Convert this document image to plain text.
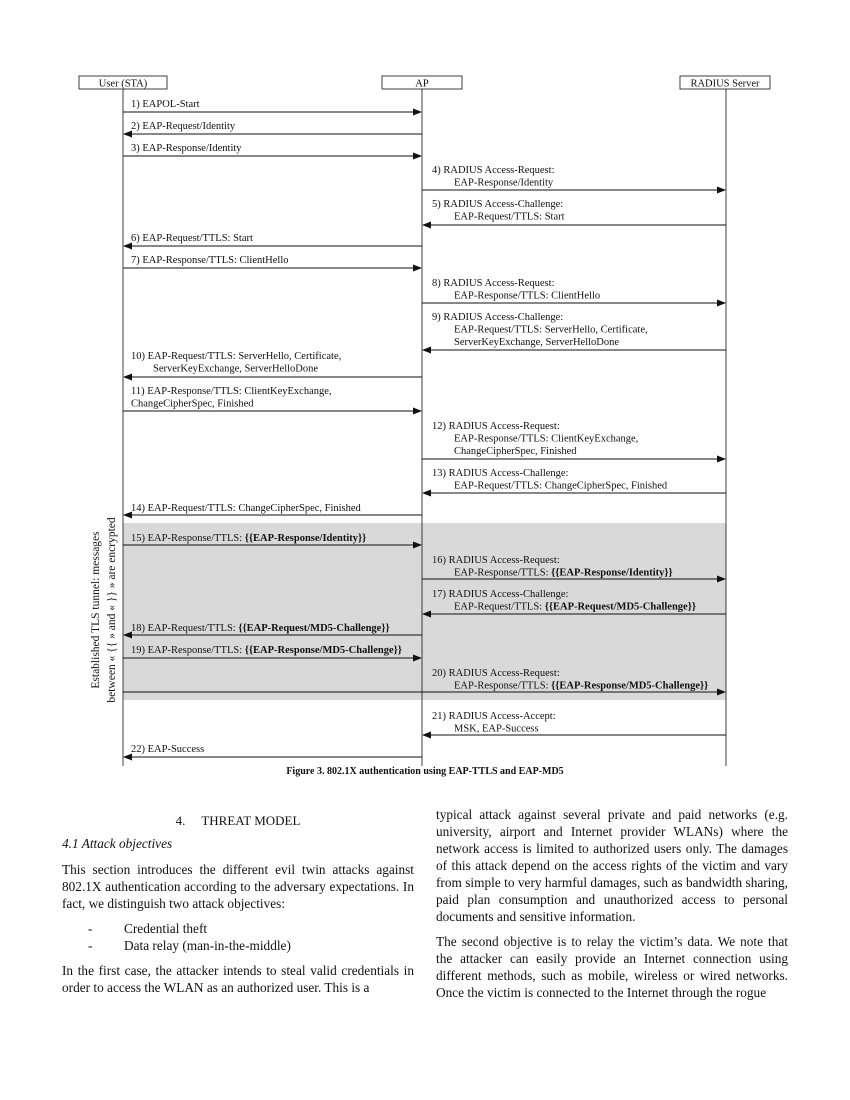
User (STA)	AP	RADIUS Server
1) EAPOL-Start
2) EAP-Request/Identity
3) EAP-Response/Identity
4) RADIUS Access-Request:
EAP-Response/Identity
5) RADIUS Access-Challenge:
EAP-Request/TTLS: Start
6) EAP-Request/TTLS: Start
7) EAP-Response/TTLS: ClientHello
8) RADIUS Access-Request:
EAP-Response/TTLS: ClientHello
9) RADIUS Access-Challenge:
EAP-Request/TTLS: ServerHello, Certificate,
ServerKeyExchange, ServerHelloDone
10) EAP-Request/TTLS: ServerHello, Certificate,
ServerKeyExchange, ServerHelloDone
11) EAP-Response/TTLS: ClientKeyExchange,
ChangeCipherSpec, Finished
12) RADIUS Access-Request:
EAP-Response/TTLS: ClientKeyExchange,
ChangeCipherSpec, Finished
13) RADIUS Access-Challenge:
EAP-Request/TTLS: ChangeCipherSpec, Finished
14) EAP-Request/TTLS: ChangeCipherSpec, Finished
15) EAP-Response/TTLS: {{EAP-Response/Identity}}
16) RADIUS Access-Request:
EAP-Response/TTLS: {{EAP-Response/Identity}}
17) RADIUS Access-Challenge:
EAP-Request/TTLS: {{EAP-Request/MD5-Challenge}}
18) EAP-Request/TTLS: {{EAP-Request/MD5-Challenge}}
19) EAP-Response/TTLS: {{EAP-Response/MD5-Challenge}}
20) RADIUS Access-Request:
EAP-Response/TTLS: {{EAP-Response/MD5-Challenge}}
21) RADIUS Access-Accept:
MSK, EAP-Success
22) EAP-Success
Established TLS tunnel: messages between « {{ » and « }} » are encrypted
Figure 3. 802.1X authentication using EAP-TTLS and EAP-MD5
4. THREAT MODEL
4.1 Attack objectives

This section introduces the different evil twin attacks against 802.1X authentication according to the adversary expectations. In fact, we distinguish two attack objectives:

- Credential theft
- Data relay (man-in-the-middle)

In the first case, the attacker intends to steal valid credentials in order to access the WLAN as an authorized user. This is a

typical attack against several private and paid networks (e.g. university, airport and Internet provider WLANs) where the network access is limited to authorized users only. The damages of this attack depend on the access rights of the victim and vary from simple to very harmful damages, such as bandwidth sharing, paid plan consumption and unauthorized access to personal documents and sensitive information.

The second objective is to relay the victim’s data. We note that the attacker can easily provide an Internet connection using different methods, such as mobile, wireless or wired networks. Once the victim is connected to the Internet through the rogue
